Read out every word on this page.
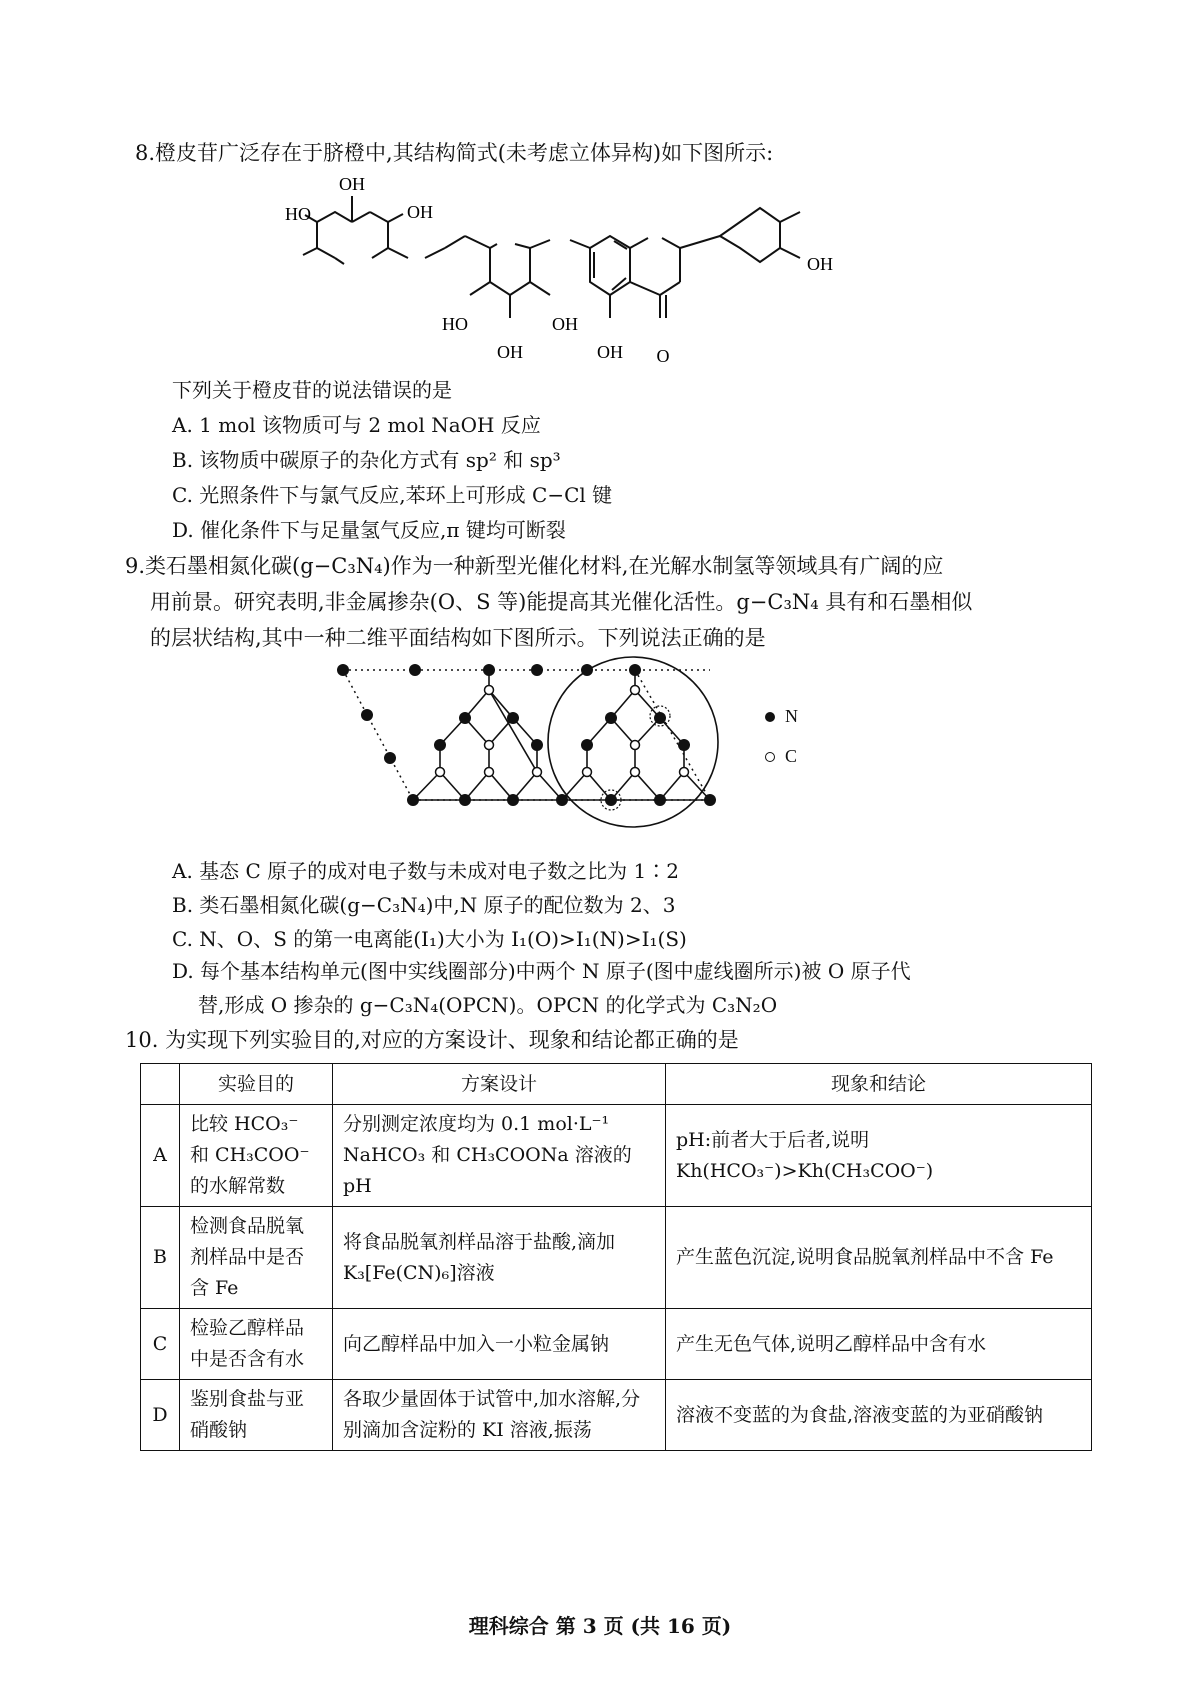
8.橙皮苷广泛存在于脐橙中,其结构简式(未考虑立体异构)如下图所示:
OH
HO	OH
HO	OH
OH	OH O
OH
下列关于橙皮苷的说法错误的是
A. 1 mol 该物质可与 2 mol NaOH 反应
B. 该物质中碳原子的杂化方式有 sp² 和 sp³
C. 光照条件下与氯气反应,苯环上可形成 C−Cl 键
D. 催化条件下与足量氢气反应,π 键均可断裂
9.类石墨相氮化碳(g−C₃N₄)作为一种新型光催化材料,在光解水制氢等领域具有广阔的应
用前景。研究表明,非金属掺杂(O、S 等)能提高其光催化活性。g−C₃N₄ 具有和石墨相似
的层状结构,其中一种二维平面结构如下图所示。下列说法正确的是
N
C
A. 基态 C 原子的成对电子数与未成对电子数之比为 1∶2
B. 类石墨相氮化碳(g−C₃N₄)中,N 原子的配位数为 2、3
C. N、O、S 的第一电离能(I₁)大小为 I₁(O)>I₁(N)>I₁(S)
D. 每个基本结构单元(图中实线圈部分)中两个 N 原子(图中虚线圈所示)被 O 原子代
替,形成 O 掺杂的 g−C₃N₄(OPCN)。OPCN 的化学式为 C₃N₂O
10. 为实现下列实验目的,对应的方案设计、现象和结论都正确的是
	实验目的	方案设计	现象和结论
A	比较 HCO₃⁻ 和 CH₃COO⁻ 的水解常数	分别测定浓度均为 0.1 mol·L⁻¹ NaHCO₃ 和 CH₃COONa 溶液的 pH	pH:前者大于后者,说明 Kh(HCO₃⁻)>Kh(CH₃COO⁻)
B	检测食品脱氧剂样品中是否含 Fe	将食品脱氧剂样品溶于盐酸,滴加 K₃[Fe(CN)₆]溶液	产生蓝色沉淀,说明食品脱氧剂样品中不含 Fe
C	检验乙醇样品中是否含有水	向乙醇样品中加入一小粒金属钠	产生无色气体,说明乙醇样品中含有水
D	鉴别食盐与亚硝酸钠	各取少量固体于试管中,加水溶解,分别滴加含淀粉的 KI 溶液,振荡	溶液不变蓝的为食盐,溶液变蓝的为亚硝酸钠
理科综合 第 3 页 (共 16 页)
